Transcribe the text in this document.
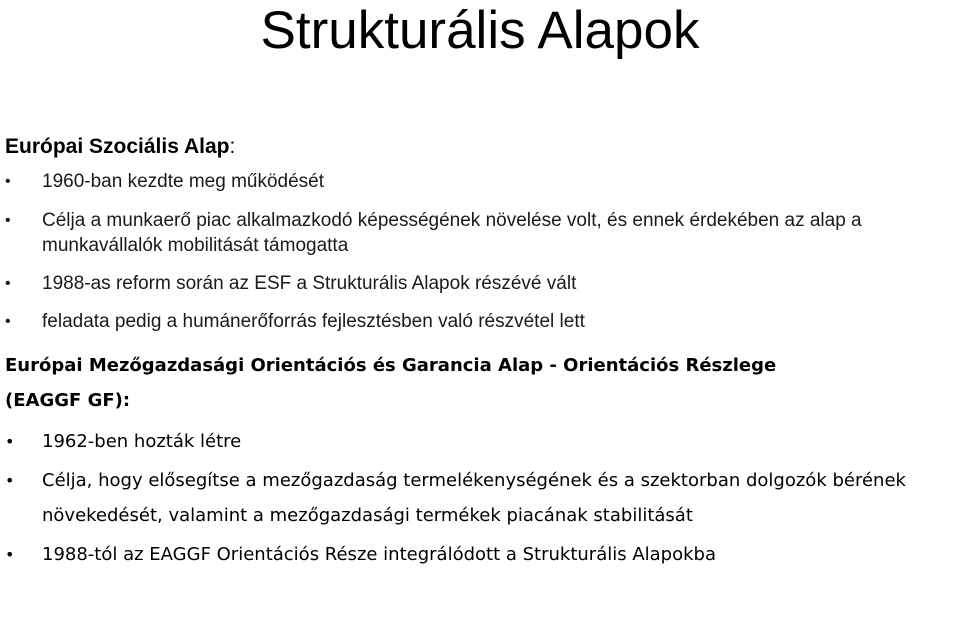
Strukturális Alapok
Európai Szociális Alap:
• 1960-ban kezdte meg működését
• Célja a munkaerő piac alkalmazkodó képességének növelése volt, és ennek érdekében az alap a munkavállalók mobilitását támogatta
• 1988-as reform során az ESF a Strukturális Alapok részévé vált
• feladata pedig a humánerőforrás fejlesztésben való részvétel lett
Európai Mezőgazdasági Orientációs és Garancia Alap - Orientációs Részlege (EAGGF GF):
• 1962-ben hozták létre
• Célja, hogy elősegítse a mezőgazdaság termelékenységének és a szektorban dolgozók bérének növekedését, valamint a mezőgazdasági termékek piacának stabilitását
• 1988-tól az EAGGF Orientációs Része integrálódott a Strukturális Alapokba
